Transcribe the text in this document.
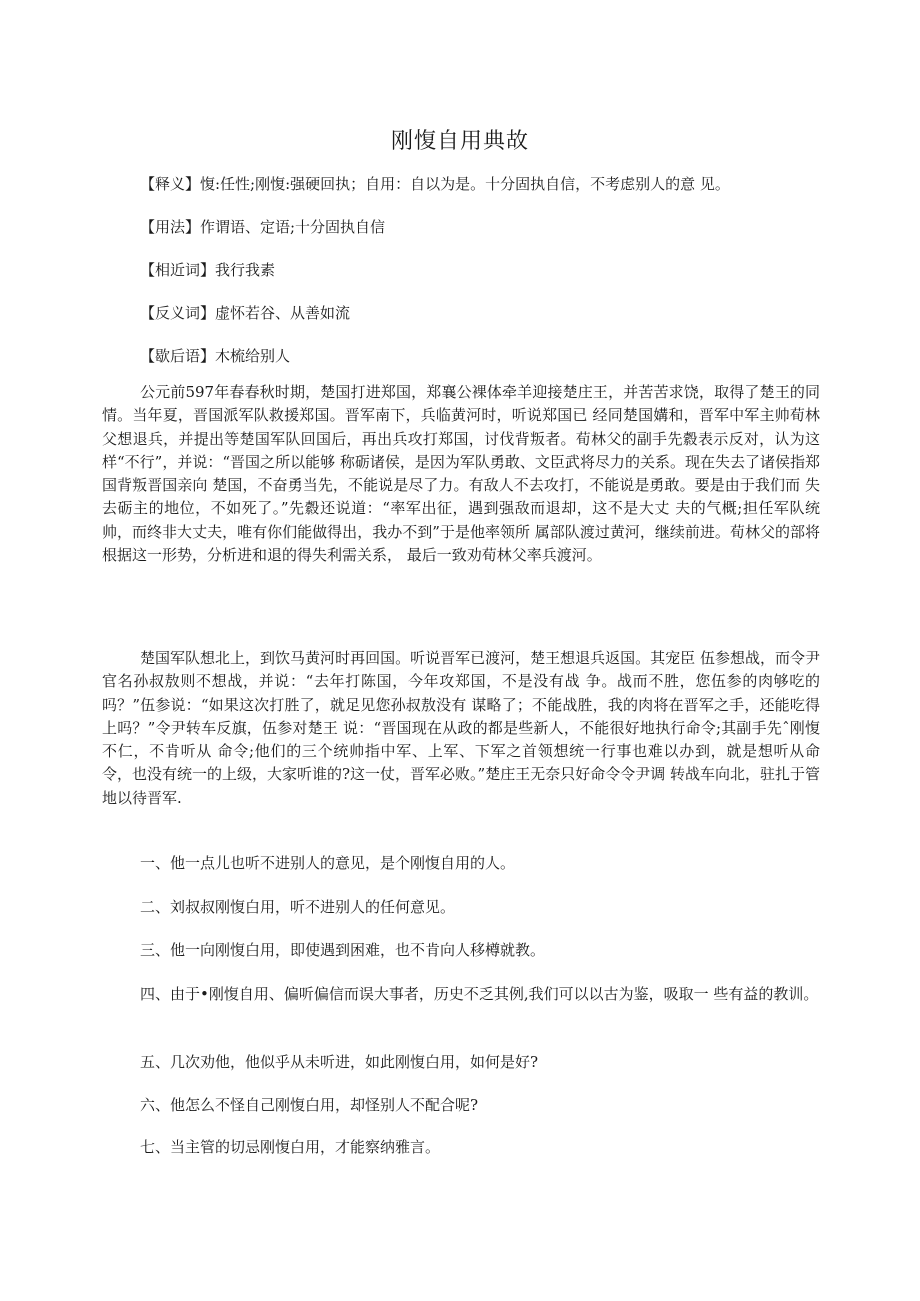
刚愎自用典故
【释义】愎:任性;刚愎:强硬回执；自用：自以为是。十分固执自信，不考虑别人的意 见。
【用法】作谓语、定语;十分固执自信
【相近词】我行我素
【反义词】虚怀若谷、从善如流
【歇后语】木梳给别人
公元前597年春春秋时期，楚国打进郑国，郑襄公裸体牵羊迎接楚庄王，并苦苦求饶，取得了楚王的同情。当年夏，晋国派军队救援郑国。晋军南下，兵临黄河时，听说郑国已 经同楚国媾和，晋军中军主帅荀林父想退兵，并提出等楚国军队回国后，再出兵攻打郑国，讨伐背叛者。荀林父的副手先縠表示反对，认为这样“不行”，并说：“晋国之所以能够 称砺诸侯，是因为军队勇敢、文臣武将尽力的关系。现在失去了诸侯指郑国背叛晋国亲向 楚国，不奋勇当先，不能说是尽了力。有敌人不去攻打，不能说是勇敢。要是由于我们而 失去砺主的地位，不如死了。”先縠还说道：“率军出征，遇到强敌而退却，这不是大丈 夫的气概;担任军队统帅，而终非大丈夫，唯有你们能做得出，我办不到”于是他率领所 属部队渡过黄河，继续前进。荀林父的部将根据这一形势，分析进和退的得失利需关系， 最后一致劝荀林父率兵渡河。
楚国军队想北上，到饮马黄河时再回国。听说晋军已渡河，楚王想退兵返国。其宠臣 伍参想战，而令尹官名孙叔敖则不想战，并说：“去年打陈国，今年攻郑国，不是没有战 争。战而不胜，您伍参的肉够吃的吗？”伍参说：“如果这次打胜了，就足见您孙叔敖没有 谋略了；不能战胜，我的肉将在晋军之手，还能吃得上吗？”令尹转车反旗，伍参对楚王 说：“晋国现在从政的都是些新人，不能很好地执行命令;其副手先ˆ刚愎不仁，不肯听从 命令;他们的三个统帅指中军、上军、下军之首领想统一行事也难以办到，就是想听从命 令，也没有统一的上级，大家听谁的?这一仗，晋军必败。”楚庄王无奈只好命令令尹调 转战车向北，驻扎于管地以待晋军.
一、他一点儿也听不进别人的意见，是个刚愎自用的人。
二、刘叔叔刚愎白用，听不进别人的任何意见。
三、他一向刚愎白用，即使遇到困难，也不肯向人移樽就教。
四、由于•刚愎自用、偏听偏信而误大事者，历史不乏其例,我们可以以古为鉴，吸取一 些有益的教训。
五、几次劝他，他似乎从未听进，如此刚愎白用，如何是好?
六、他怎么不怪自己刚愎白用，却怪别人不配合呢?
七、当主管的切忌刚愎白用，才能察纳雅言。
